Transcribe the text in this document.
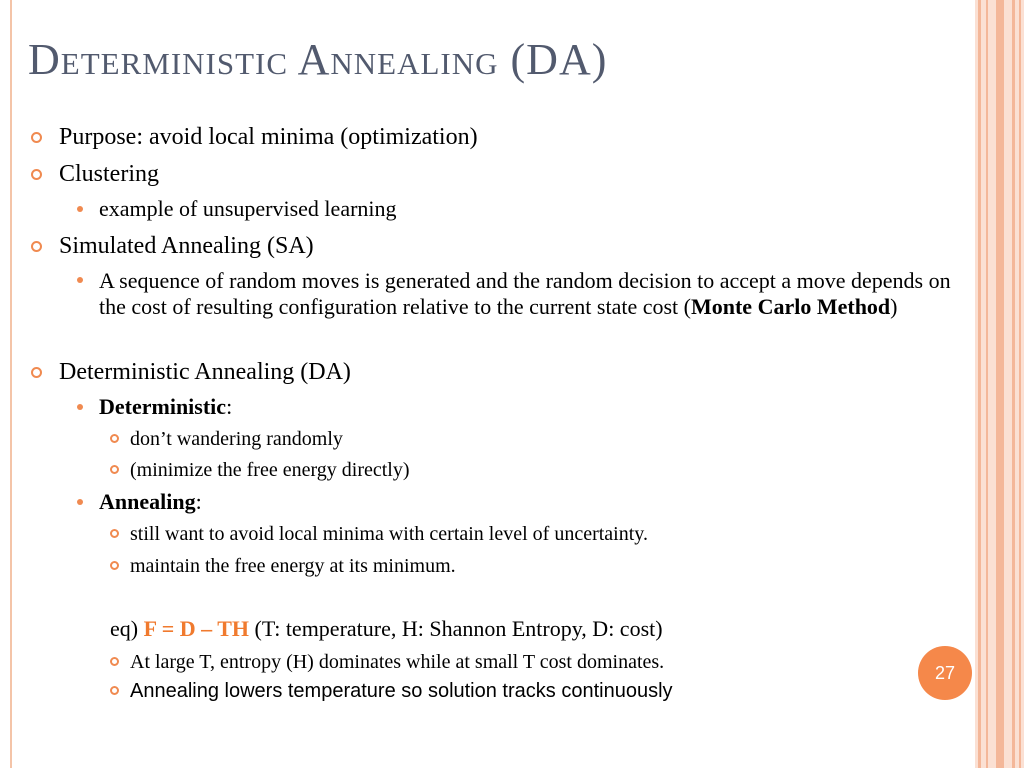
Deterministic Annealing (DA)
Purpose: avoid local minima (optimization)
Clustering
example of unsupervised learning
Simulated Annealing (SA)
A sequence of random moves is generated and the random decision to accept a move depends on the cost of resulting configuration relative to the current state cost (Monte Carlo Method)
Deterministic Annealing (DA)
Deterministic:
don’t wandering randomly
(minimize the free energy directly)
Annealing:
still want to avoid local minima with certain level of uncertainty.
maintain the free energy at its minimum.
eq) F = D – TH (T: temperature, H: Shannon Entropy, D: cost)
At large T, entropy (H) dominates while at small T cost dominates.
Annealing lowers temperature so solution tracks continuously
27
